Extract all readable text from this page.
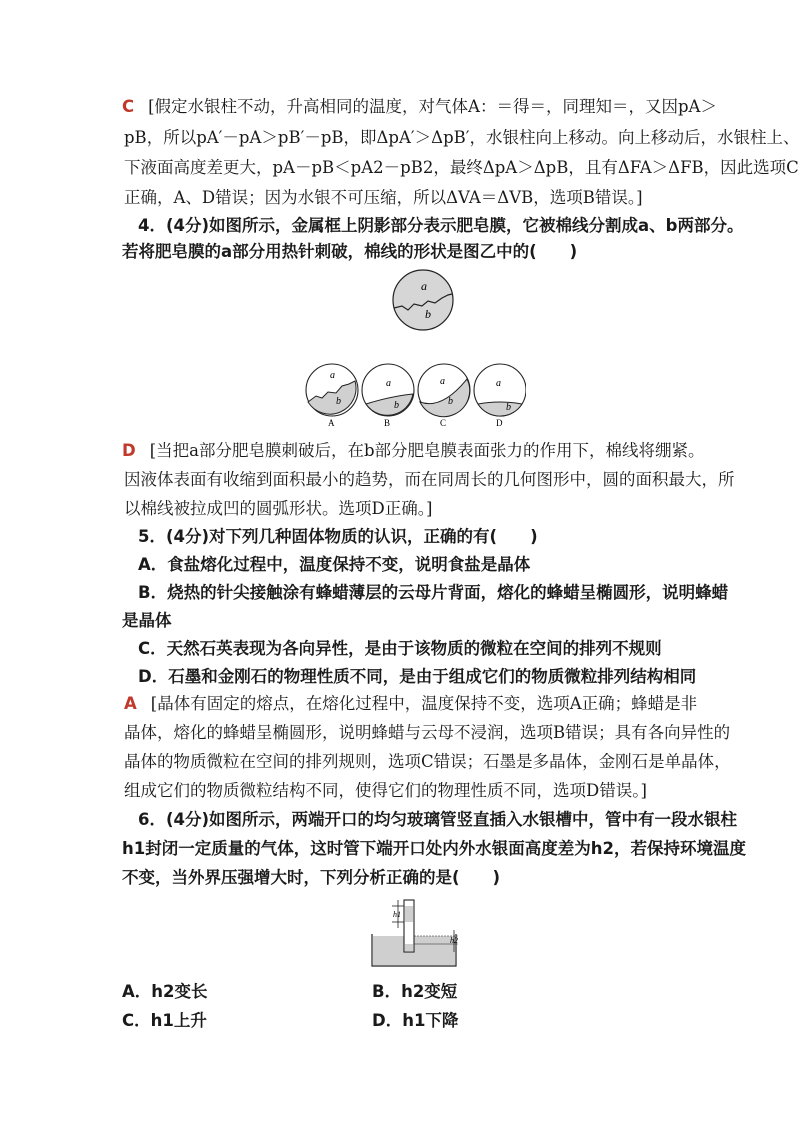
C [假定水银柱不动，升高相同的温度，对气体A：＝得＝，同理知＝，又因pA＞
pB，所以pA′－pA＞pB′－pB，即ΔpA′＞ΔpB′，水银柱向上移动。向上移动后，水银柱上、
下液面高度差更大，pA－pB＜pA2－pB2，最终ΔpA＞ΔpB，且有ΔFA＞ΔFB，因此选项C
正确，A、D错误；因为水银不可压缩，所以ΔVA＝ΔVB，选项B错误。]
4．(4分)如图所示，金属框上阴影部分表示肥皂膜，它被棉线分割成a、b两部分。
若将肥皂膜的a部分用热针刺破，棉线的形状是图乙中的(　　)
a
b
a
b
A
a
b
B
a
b
C
a
b
D
D [当把a部分肥皂膜刺破后，在b部分肥皂膜表面张力的作用下，棉线将绷紧。
因液体表面有收缩到面积最小的趋势，而在同周长的几何图形中，圆的面积最大，所
以棉线被拉成凹的圆弧形状。选项D正确。]
5．(4分)对下列几种固体物质的认识，正确的有(　　)
A．食盐熔化过程中，温度保持不变，说明食盐是晶体
B．烧热的针尖接触涂有蜂蜡薄层的云母片背面，熔化的蜂蜡呈椭圆形，说明蜂蜡
是晶体
C．天然石英表现为各向异性，是由于该物质的微粒在空间的排列不规则
D．石墨和金刚石的物理性质不同，是由于组成它们的物质微粒排列结构相同
A [晶体有固定的熔点，在熔化过程中，温度保持不变，选项A正确；蜂蜡是非
晶体，熔化的蜂蜡呈椭圆形，说明蜂蜡与云母不浸润，选项B错误；具有各向异性的
晶体的物质微粒在空间的排列规则，选项C错误；石墨是多晶体，金刚石是单晶体，
组成它们的物质微粒结构不同，使得它们的物理性质不同，选项D错误。]
6．(4分)如图所示，两端开口的均匀玻璃管竖直插入水银槽中，管中有一段水银柱
h1封闭一定质量的气体，这时管下端开口处内外水银面高度差为h2，若保持环境温度
不变，当外界压强增大时，下列分析正确的是(　　)
h1
h2
A．h2变长	B．h2变短
C．h1上升	D．h1下降
